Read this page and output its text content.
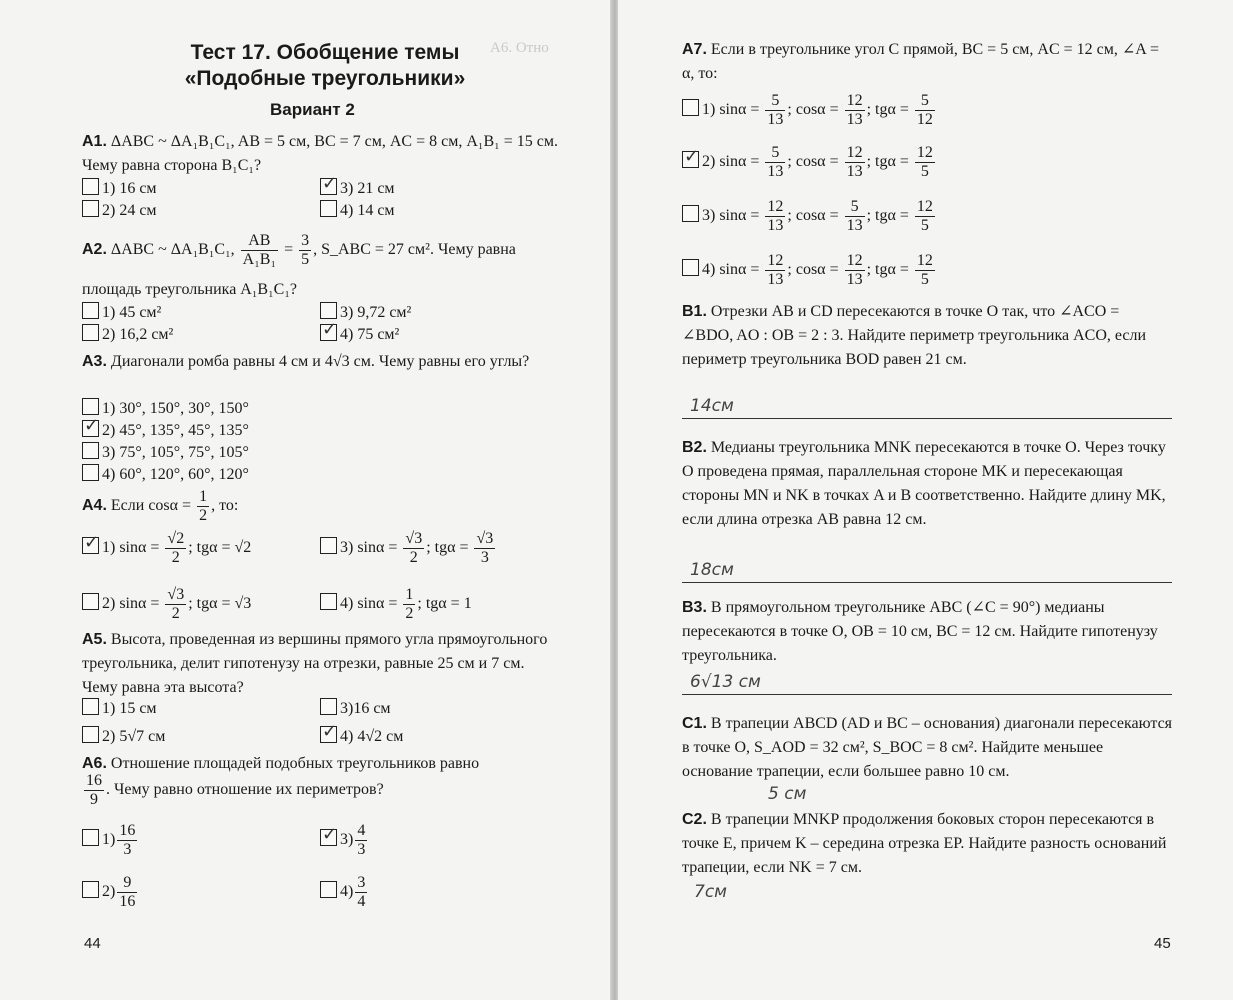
А6. Отно
Тест 17. Обобщение темы
«Подобные треугольники»
Вариант 2
А1. ΔABC ~ ΔA₁B₁C₁, AB = 5 см, BC = 7 см, AC = 8 см, A₁B₁ = 15 см. Чему равна сторона B₁C₁?
1) 16 см
2) 24 см
✓ 3) 21 см
4) 14 см
А2. ΔABC ~ ΔA₁B₁C₁, $\frac{AB}{\text{A₁B₁}} = \frac{3}{5}$ , S_ABC = 27 см². Чему равна
площадь треугольника A₁B₁C₁?
1) 45 см²
2) 16,2 см²
3) 9,72 см²
✓ 4) 75 см²
А3. Диагонали ромба равны 4 см и 4√3 см. Чему равны его углы?
1) 30°, 150°, 30°, 150°
✓ 2) 45°, 135°, 45°, 135°
3) 75°, 105°, 75°, 105°
4) 60°, 120°, 60°, 120°
А4. Если $\cos\alpha = \frac{1}{2}$ , то:
✓ 1) $\sin\alpha = \frac{√2}{2}$ ; tgα = √2	3) $\sin\alpha = \frac{√3}{2}$ ; $tg\alpha = \frac{√3}{3}$
2) $\sin\alpha = \frac{√3}{2}$ ; tgα = √3	4) $\sin\alpha = \frac{1}{2}$ ; tgα = 1
А5. Высота, проведенная из вершины прямого угла прямоугольного треугольника, делит гипотенузу на отрезки, равные 25 см и 7 см. Чему равна эта высота?
1) 15 см
2) 5√7 см
3)16 см
✓ 4) 4√2 см
А6. Отношение площадей подобных треугольников равно
$\frac{16}{9}$ . Чему равно отношение их периметров?
$1) \frac{16}{3}$	✓ $3) \frac{4}{3}$
$2) \frac{9}{16}$	$4) \frac{3}{4}$
44
А7. Если в треугольнике угол C прямой, BC = 5 см, AC = 12 см, ∠A = α, то:
1) $\sin\alpha = \frac{5}{13}$ ; $\cos\alpha = \frac{12}{13}$ ; $tg\alpha = \frac{5}{12}$
✓ 2) $\sin\alpha = \frac{5}{13}$ ; $\cos\alpha = \frac{12}{13}$ ; $tg\alpha = \frac{12}{5}$
3) $\sin\alpha = \frac{12}{13}$ ; $\cos\alpha = \frac{5}{13}$ ; $tg\alpha = \frac{12}{5}$
4) $\sin\alpha = \frac{12}{13}$ ; $\cos\alpha = \frac{12}{13}$ ; $tg\alpha = \frac{12}{5}$
В1. Отрезки AB и CD пересекаются в точке O так, что ∠ACO = ∠BDO, AO : OB = 2 : 3. Найдите периметр треугольника ACO, если периметр треугольника BOD равен 21 см.
14см
В2. Медианы треугольника MNK пересекаются в точке O. Через точку O проведена прямая, параллельная стороне MK и пересекающая стороны MN и NK в точках A и B соответственно. Найдите длину MK, если длина отрезка AB равна 12 см.
18см
В3. В прямоугольном треугольнике ABC (∠C = 90°) медианы пересекаются в точке O, OB = 10 см, BC = 12 см. Найдите гипотенузу треугольника.
6√13 см
С1. В трапеции ABCD (AD и BC – основания) диагонали пересекаются в точке O, S_AOD = 32 см², S_BOC = 8 см². Найдите меньшее основание трапеции, если большее равно 10 см.
5 см
С2. В трапеции MNKP продолжения боковых сторон пересекаются в точке E, причем K – середина отрезка EP. Найдите разность оснований трапеции, если NK = 7 см.
7см
45
